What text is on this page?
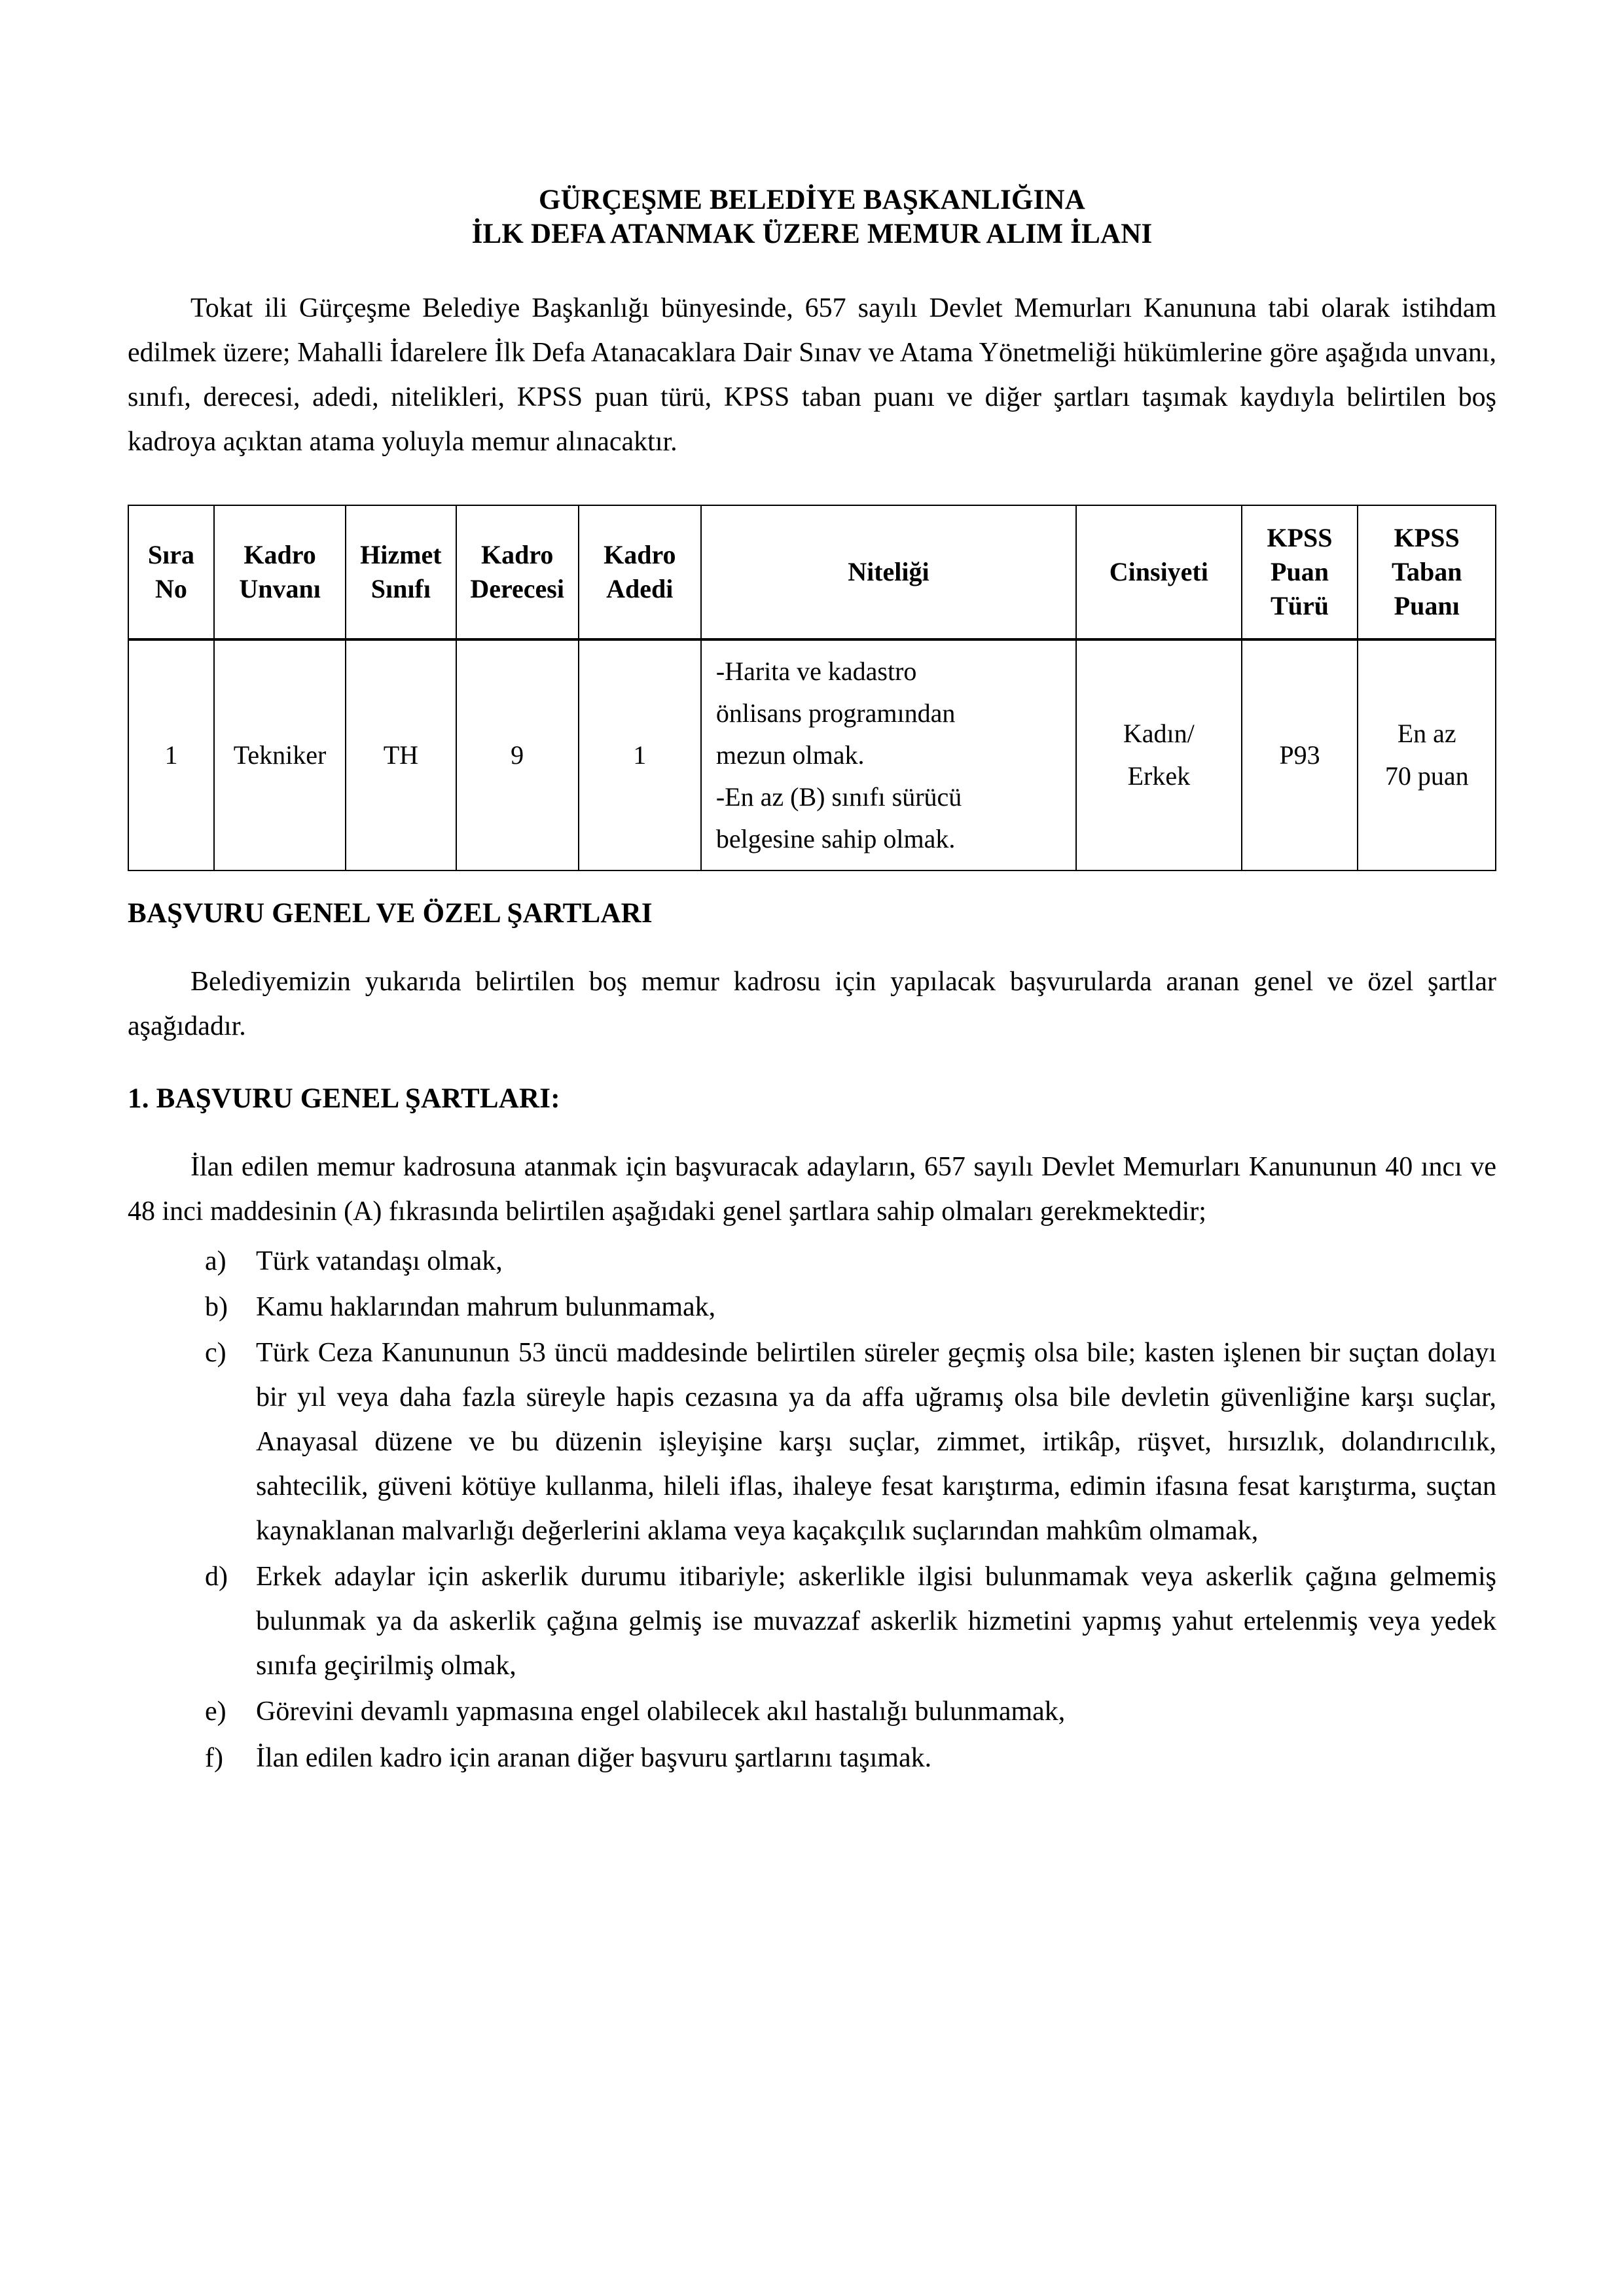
GÜRÇEŞME BELEDİYE BAŞKANLIĞINA
İLK DEFA ATANMAK ÜZERE MEMUR ALIM İLANI

Tokat ili Gürçeşme Belediye Başkanlığı bünyesinde, 657 sayılı Devlet Memurları Kanununa tabi olarak istihdam edilmek üzere; Mahalli İdarelere İlk Defa Atanacaklara Dair Sınav ve Atama Yönetmeliği hükümlerine göre aşağıda unvanı, sınıfı, derecesi, adedi, nitelikleri, KPSS puan türü, KPSS taban puanı ve diğer şartları taşımak kaydıyla belirtilen boş kadroya açıktan atama yoluyla memur alınacaktır.

Sıra
No	Kadro
Unvanı	Hizmet
Sınıfı	Kadro
Derecesi	Kadro
Adedi	Niteliği	Cinsiyeti	KPSS
Puan
Türü	KPSS
Taban
Puanı

1	Tekniker	TH	9	1	-Harita ve kadastro
önlisans programından
mezun olmak.
-En az (B) sınıfı sürücü
belgesine sahip olmak.	Kadın/
Erkek	P93	En az
70 puan

BAŞVURU GENEL VE ÖZEL ŞARTLARI

Belediyemizin yukarıda belirtilen boş memur kadrosu için yapılacak başvurularda aranan genel ve özel şartlar aşağıdadır.

1. BAŞVURU GENEL ŞARTLARI:

İlan edilen memur kadrosuna atanmak için başvuracak adayların, 657 sayılı Devlet Memurları Kanununun 40 ıncı ve 48 inci maddesinin (A) fıkrasında belirtilen aşağıdaki genel şartlara sahip olmaları gerekmektedir;

a)	Türk vatandaşı olmak,
b)	Kamu haklarından mahrum bulunmamak,
c)	Türk Ceza Kanununun 53 üncü maddesinde belirtilen süreler geçmiş olsa bile; kasten işlenen bir suçtan dolayı bir yıl veya daha fazla süreyle hapis cezasına ya da affa uğramış olsa bile devletin güvenliğine karşı suçlar, Anayasal düzene ve bu düzenin işleyişine karşı suçlar, zimmet, irtikâp, rüşvet, hırsızlık, dolandırıcılık, sahtecilik, güveni kötüye kullanma, hileli iflas, ihaleye fesat karıştırma, edimin ifasına fesat karıştırma, suçtan kaynaklanan malvarlığı değerlerini aklama veya kaçakçılık suçlarından mahkûm olmamak,
d)	Erkek adaylar için askerlik durumu itibariyle; askerlikle ilgisi bulunmamak veya askerlik çağına gelmemiş bulunmak ya da askerlik çağına gelmiş ise muvazzaf askerlik hizmetini yapmış yahut ertelenmiş veya yedek sınıfa geçirilmiş olmak,
e)	Görevini devamlı yapmasına engel olabilecek akıl hastalığı bulunmamak,
f)	İlan edilen kadro için aranan diğer başvuru şartlarını taşımak.
